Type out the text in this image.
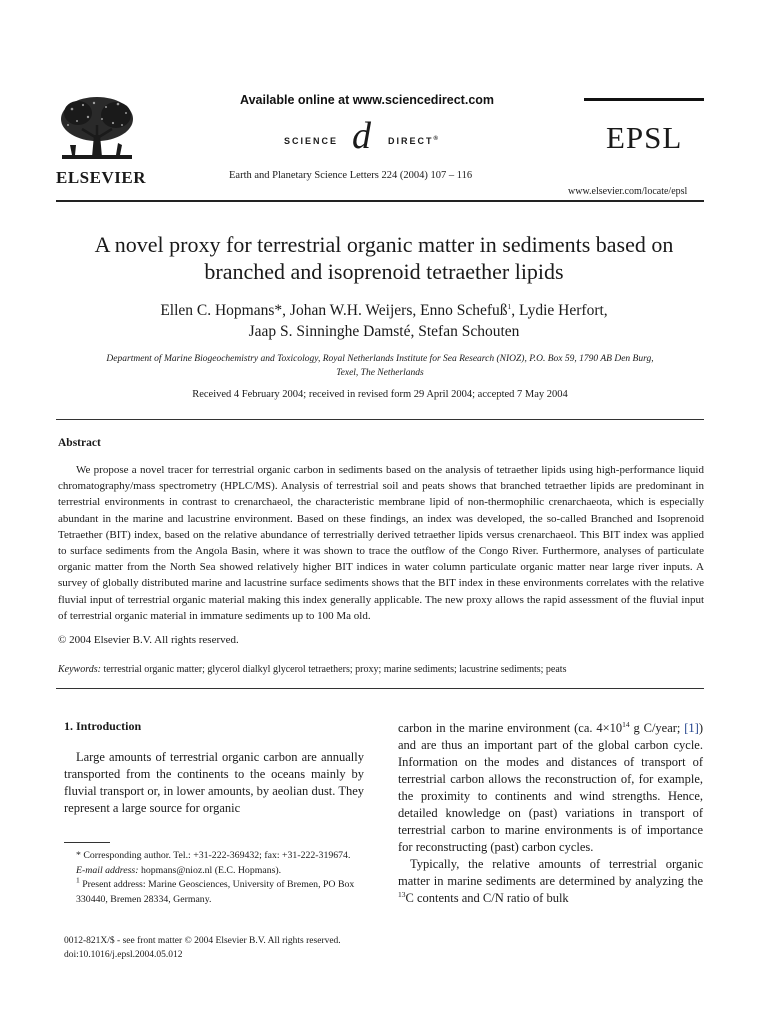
ELSEVIER
Available online at www.sciencedirect.com
SCIENCE d DIRECT®
Earth and Planetary Science Letters 224 (2004) 107 – 116
EPSL
www.elsevier.com/locate/epsl
A novel proxy for terrestrial organic matter in sediments based on
branched and isoprenoid tetraether lipids
Ellen C. Hopmans*, Johan W.H. Weijers, Enno Schefuß$^1$, Lydie Herfort,
Jaap S. Sinninghe Damsté, Stefan Schouten
Department of Marine Biogeochemistry and Toxicology, Royal Netherlands Institute for Sea Research (NIOZ), P.O. Box 59, 1790 AB Den Burg,
Texel, The Netherlands
Received 4 February 2004; received in revised form 29 April 2004; accepted 7 May 2004
Abstract
We propose a novel tracer for terrestrial organic carbon in sediments based on the analysis of tetraether lipids using high-performance liquid chromatography/mass spectrometry (HPLC/MS). Analysis of terrestrial soil and peats shows that branched tetraether lipids are predominant in terrestrial environments in contrast to crenarchaeol, the characteristic membrane lipid of non-thermophilic crenarchaeota, which is especially abundant in the marine and lacustrine environment. Based on these findings, an index was developed, the so-called Branched and Isoprenoid Tetraether (BIT) index, based on the relative abundance of terrestrially derived tetraether lipids versus crenarchaeol. This BIT index was applied to surface sediments from the Angola Basin, where it was shown to trace the outflow of the Congo River. Furthermore, analyses of particulate organic matter from the North Sea showed relatively higher BIT indices in water column particulate organic matter near large river inputs. A survey of globally distributed marine and lacustrine surface sediments shows that the BIT index in these environments correlates with the relative fluvial input of terrestrial organic material making this index generally applicable. The new proxy allows the rapid assessment of the fluvial input of terrestrial organic material in immature sediments up to 100 Ma old.
© 2004 Elsevier B.V. All rights reserved.
Keywords: terrestrial organic matter; glycerol dialkyl glycerol tetraethers; proxy; marine sediments; lacustrine sediments; peats
1. Introduction

Large amounts of terrestrial organic carbon are annually transported from the continents to the oceans mainly by fluvial transport or, in lower amounts, by aeolian dust. They represent a large source for organic

* Corresponding author. Tel.: +31-222-369432; fax: +31-222-319674.

E-mail address: hopmans@nioz.nl (E.C. Hopmans).

$^1$ Present address: Marine Geosciences, University of Bremen, PO Box 330440, Bremen 28334, Germany.

0012-821X/$ - see front matter © 2004 Elsevier B.V. All rights reserved.

doi:10.1016/j.epsl.2004.05.012

carbon in the marine environment (ca. $4\times 10^{14}$ g C/year; [1]) and are thus an important part of the global carbon cycle. Information on the modes and distances of transport of terrestrial carbon allows the reconstruction of, for example, the proximity to continents and wind strengths. Hence, detailed knowledge on (past) variations in transport of terrestrial carbon to marine environments is of importance for reconstructing (past) carbon cycles.

Typically, the relative amounts of terrestrial organic matter in marine sediments are determined by analyzing the $^{13}$C contents and C/N ratio of bulk
